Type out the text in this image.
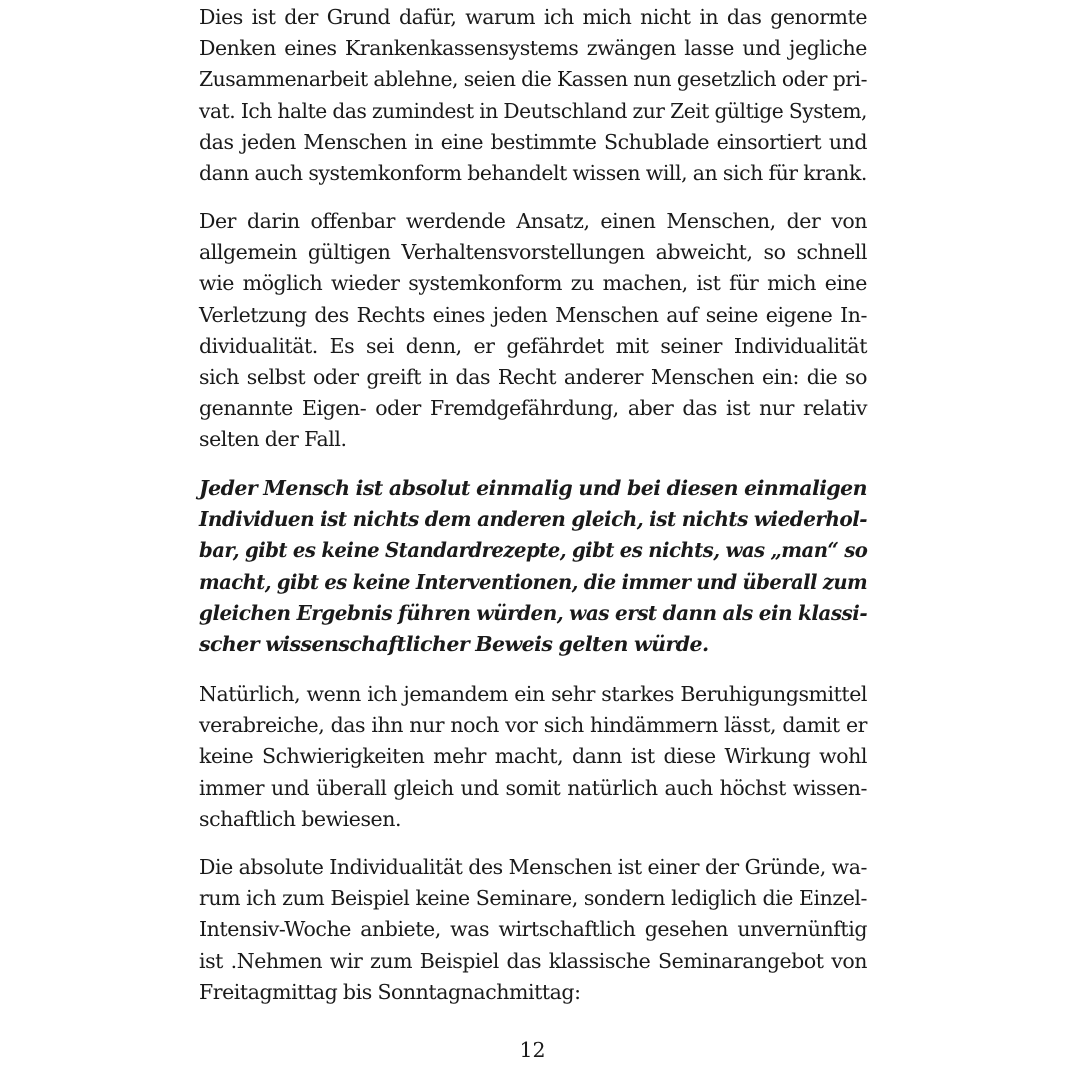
Dies ist der Grund dafür, warum ich mich nicht in das genormte
Denken eines Krankenkassensystems zwängen lasse und jegliche
Zusammenarbeit ablehne, seien die Kassen nun gesetzlich oder pri-
vat. Ich halte das zumindest in Deutschland zur Zeit gültige System,
das jeden Menschen in eine bestimmte Schublade einsortiert und
dann auch systemkonform behandelt wissen will, an sich für krank.
Der darin offenbar werdende Ansatz, einen Menschen, der von
allgemein gültigen Verhaltensvorstellungen abweicht, so schnell
wie möglich wieder systemkonform zu machen, ist für mich eine
Verletzung des Rechts eines jeden Menschen auf seine eigene In-
dividualität. Es sei denn, er gefährdet mit seiner Individualität
sich selbst oder greift in das Recht anderer Menschen ein: die so
genannte Eigen- oder Fremdgefährdung, aber das ist nur relativ
selten der Fall.
Jeder Mensch ist absolut einmalig und bei diesen einmaligen
Individuen ist nichts dem anderen gleich, ist nichts wiederhol-
bar, gibt es keine Standardrezepte, gibt es nichts, was „man“ so
macht, gibt es keine Interventionen, die immer und überall zum
gleichen Ergebnis führen würden, was erst dann als ein klassi-
scher wissenschaftlicher Beweis gelten würde.
Natürlich, wenn ich jemandem ein sehr starkes Beruhigungsmittel
verabreiche, das ihn nur noch vor sich hindämmern lässt, damit er
keine Schwierigkeiten mehr macht, dann ist diese Wirkung wohl
immer und überall gleich und somit natürlich auch höchst wissen-
schaftlich bewiesen.
Die absolute Individualität des Menschen ist einer der Gründe, wa-
rum ich zum Beispiel keine Seminare, sondern lediglich die Einzel-
Intensiv-Woche anbiete, was wirtschaftlich gesehen unvernünftig
ist .Nehmen wir zum Beispiel das klassische Seminarangebot von
Freitagmittag bis Sonntagnachmittag:
12
